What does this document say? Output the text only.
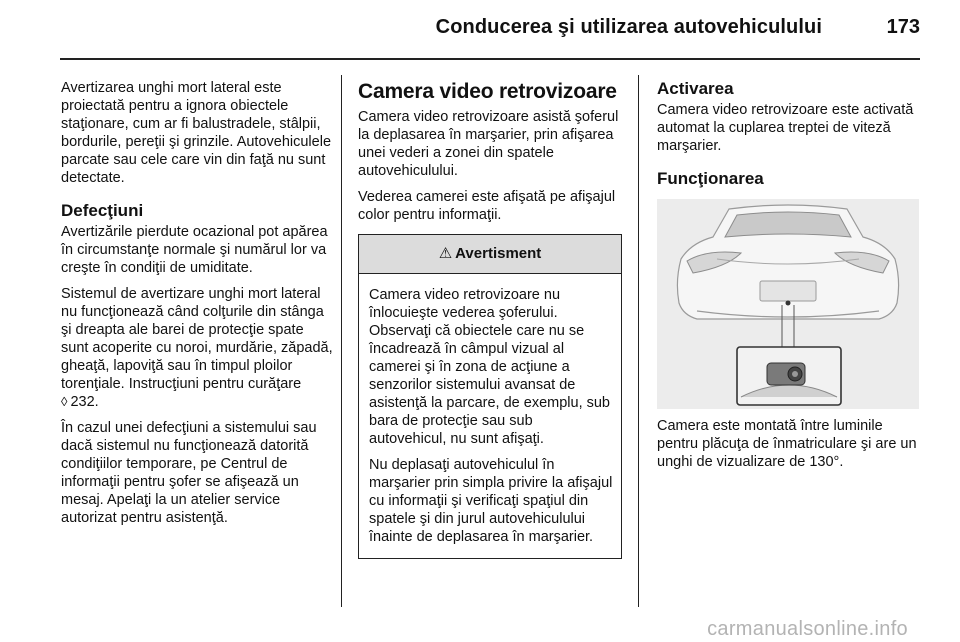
Conducerea şi utilizarea autovehiculului	173

Avertizarea unghi mort lateral este proiectată pentru a ignora obiectele staţionare, cum ar fi balustradele, stâlpii, bordurile, pereţii şi grinzile. Autovehiculele parcate sau cele care vin din faţă nu sunt detectate.

Defecţiuni

Avertizările pierdute ocazional pot apărea în circumstanţe normale şi numărul lor va creşte în condiţii de umiditate.

Sistemul de avertizare unghi mort lateral nu funcţionează când colţurile din stânga şi dreapta ale barei de protecţie spate sunt acoperite cu noroi, murdărie, zăpadă, gheaţă, lapoviţă sau în timpul ploilor torenţiale. Instrucţiuni pentru curăţare
◊ 232.

În cazul unei defecţiuni a sistemului sau dacă sistemul nu funcţionează datorită condiţiilor temporare, pe Centrul de informaţii pentru şofer se afişează un mesaj. Apelaţi la un atelier service autorizat pentru asistenţă.

Camera video retrovizoare

Camera video retrovizoare asistă şoferul la deplasarea în marşarier, prin afişarea unei vederi a zonei din spatele autovehiculului.

Vederea camerei este afişată pe afişajul color pentru informaţii.

⚠ Avertisment

Camera video retrovizoare nu înlocuieşte vederea şoferului. Observaţi că obiectele care nu se încadrează în câmpul vizual al camerei şi în zona de acţiune a senzorilor sistemului avansat de asistenţă la parcare, de exemplu, sub bara de protecţie sau sub autovehicul, nu sunt afişaţi.

Nu deplasaţi autovehiculul în marşarier prin simpla privire la afişajul cu informaţii şi verificaţi spaţiul din spatele şi din jurul autovehiculului înainte de deplasarea în marşarier.

Activarea

Camera video retrovizoare este activată automat la cuplarea treptei de viteză marşarier.

Funcţionarea

Camera este montată între luminile pentru plăcuţa de înmatriculare şi are un unghi de vizualizare de 130°.

carmanualsonline.info
